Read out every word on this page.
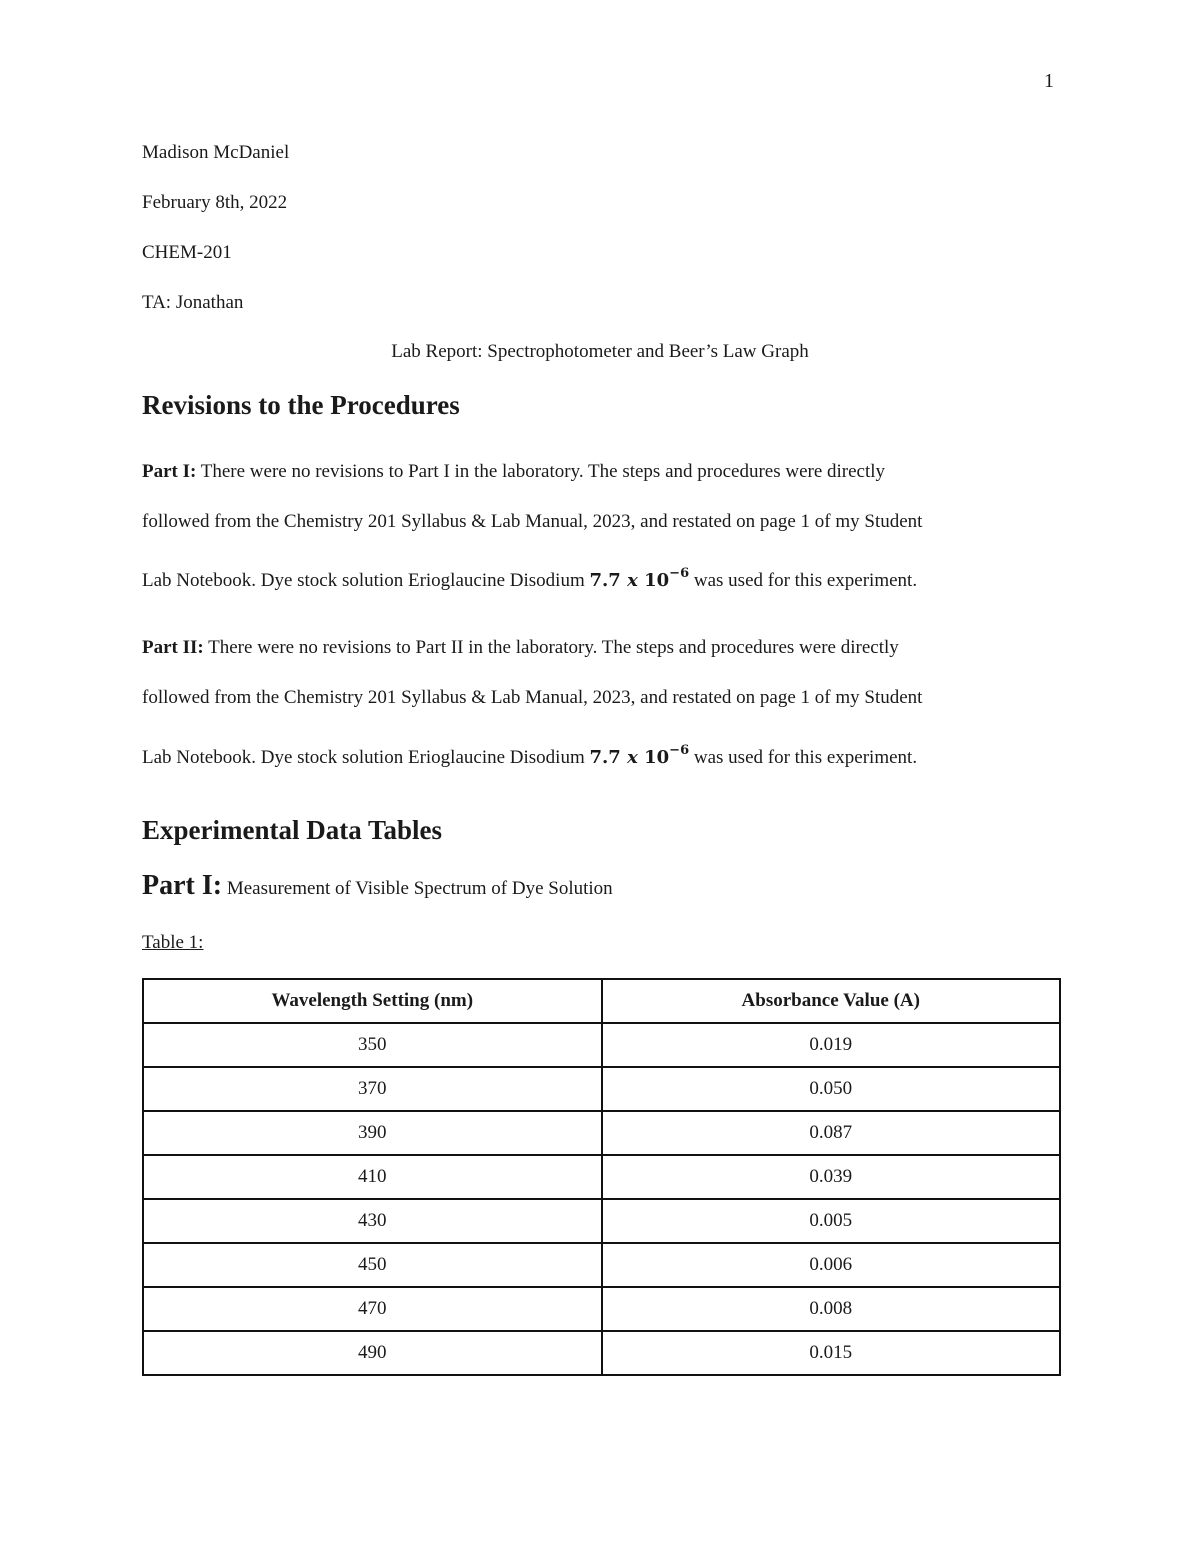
1
Madison McDaniel
February 8th, 2022
CHEM-201
TA: Jonathan
Lab Report: Spectrophotometer and Beer’s Law Graph
Revisions to the Procedures
Part I: There were no revisions to Part I in the laboratory. The steps and procedures were directly
followed from the Chemistry 201 Syllabus & Lab Manual, 2023, and restated on page 1 of my Student
Lab Notebook. Dye stock solution Erioglaucine Disodium 7.7 x $10^{-6}$ was used for this experiment.
Part II: There were no revisions to Part II in the laboratory. The steps and procedures were directly
followed from the Chemistry 201 Syllabus & Lab Manual, 2023, and restated on page 1 of my Student
Lab Notebook. Dye stock solution Erioglaucine Disodium 7.7 x $10^{-6}$ was used for this experiment.
Experimental Data Tables
Part I: Measurement of Visible Spectrum of Dye Solution
Table 1:
Wavelength Setting (nm)	Absorbance Value (A)
350	0.019
370	0.050
390	0.087
410	0.039
430	0.005
450	0.006
470	0.008
490	0.015
